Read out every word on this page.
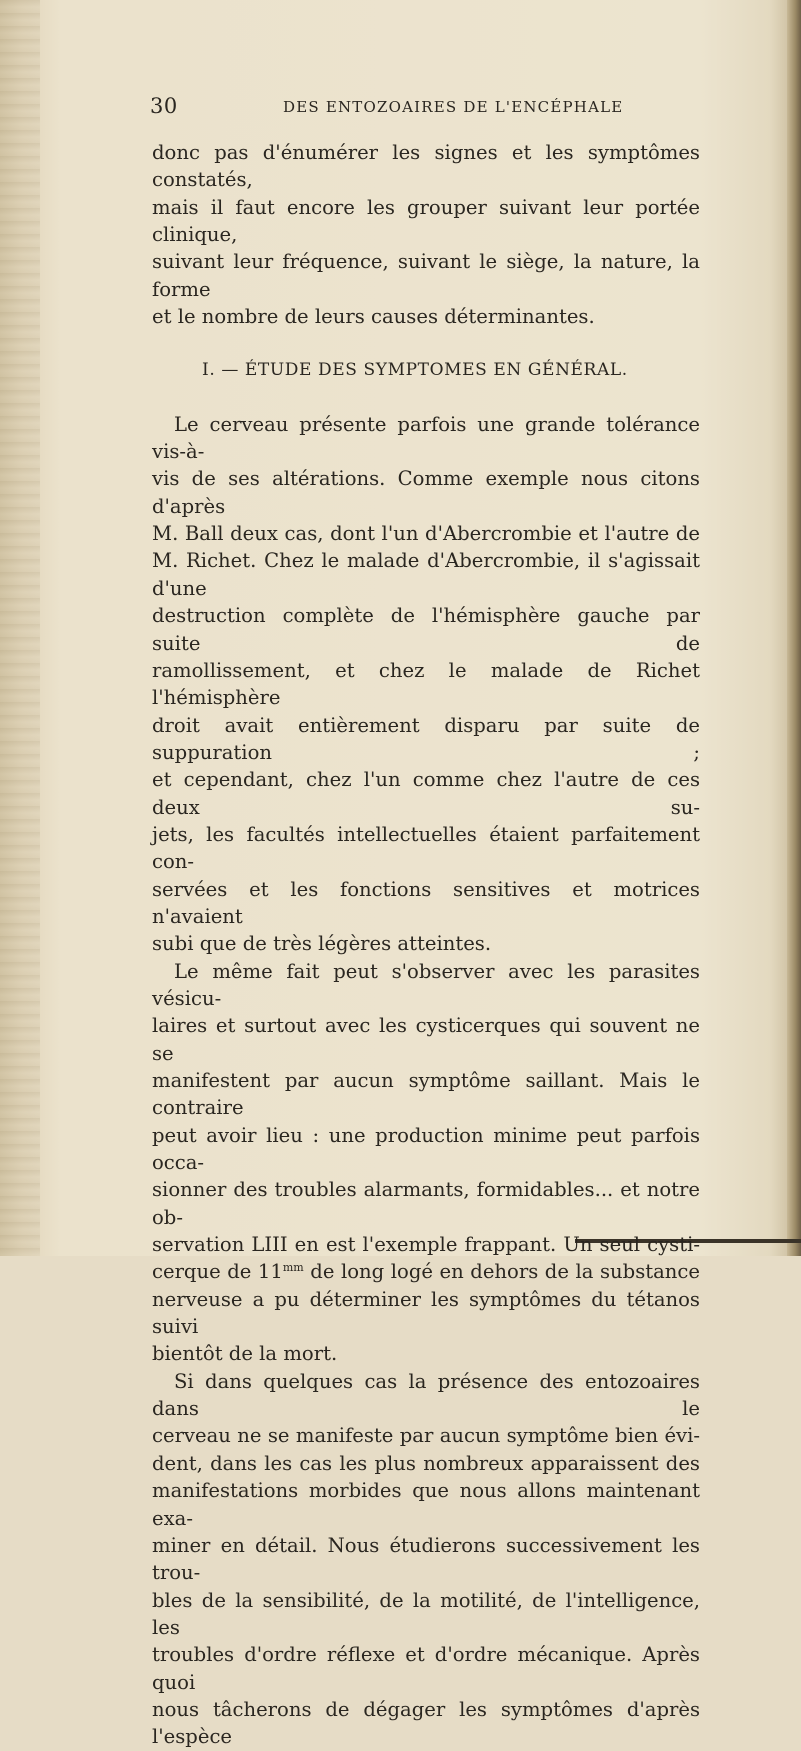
30	DES ENTOZOAIRES DE L'ENCÉPHALE

donc pas d'énumérer les signes et les symptômes constatés,

mais il faut encore les grouper suivant leur portée clinique,

suivant leur fréquence, suivant le siège, la nature, la forme

et le nombre de leurs causes déterminantes.

I. — ÉTUDE DES SYMPTOMES EN GÉNÉRAL.

Le cerveau présente parfois une grande tolérance vis-à-

vis de ses altérations. Comme exemple nous citons d'après

M. Ball deux cas, dont l'un d'Abercrombie et l'autre de

M. Richet. Chez le malade d'Abercrombie, il s'agissait d'une

destruction complète de l'hémisphère gauche par suite de

ramollissement, et chez le malade de Richet l'hémisphère

droit avait entièrement disparu par suite de suppuration ;

et cependant, chez l'un comme chez l'autre de ces deux su-

jets, les facultés intellectuelles étaient parfaitement con-

servées et les fonctions sensitives et motrices n'avaient

subi que de très légères atteintes.

Le même fait peut s'observer avec les parasites vésicu-

laires et surtout avec les cysticerques qui souvent ne se

manifestent par aucun symptôme saillant. Mais le contraire

peut avoir lieu : une production minime peut parfois occa-

sionner des troubles alarmants, formidables... et notre ob-

servation LIII en est l'exemple frappant. Un seul cysti-

cerque de $11^{mm}$ de long logé en dehors de la substance

nerveuse a pu déterminer les symptômes du tétanos suivi

bientôt de la mort.

Si dans quelques cas la présence des entozoaires dans le

cerveau ne se manifeste par aucun symptôme bien évi-

dent, dans les cas les plus nombreux apparaissent des

manifestations morbides que nous allons maintenant exa-

miner en détail. Nous étudierons successivement les trou-

bles de la sensibilité, de la motilité, de l'intelligence, les

troubles d'ordre réflexe et d'ordre mécanique. Après quoi

nous tâcherons de dégager les symptômes d'après l'espèce
